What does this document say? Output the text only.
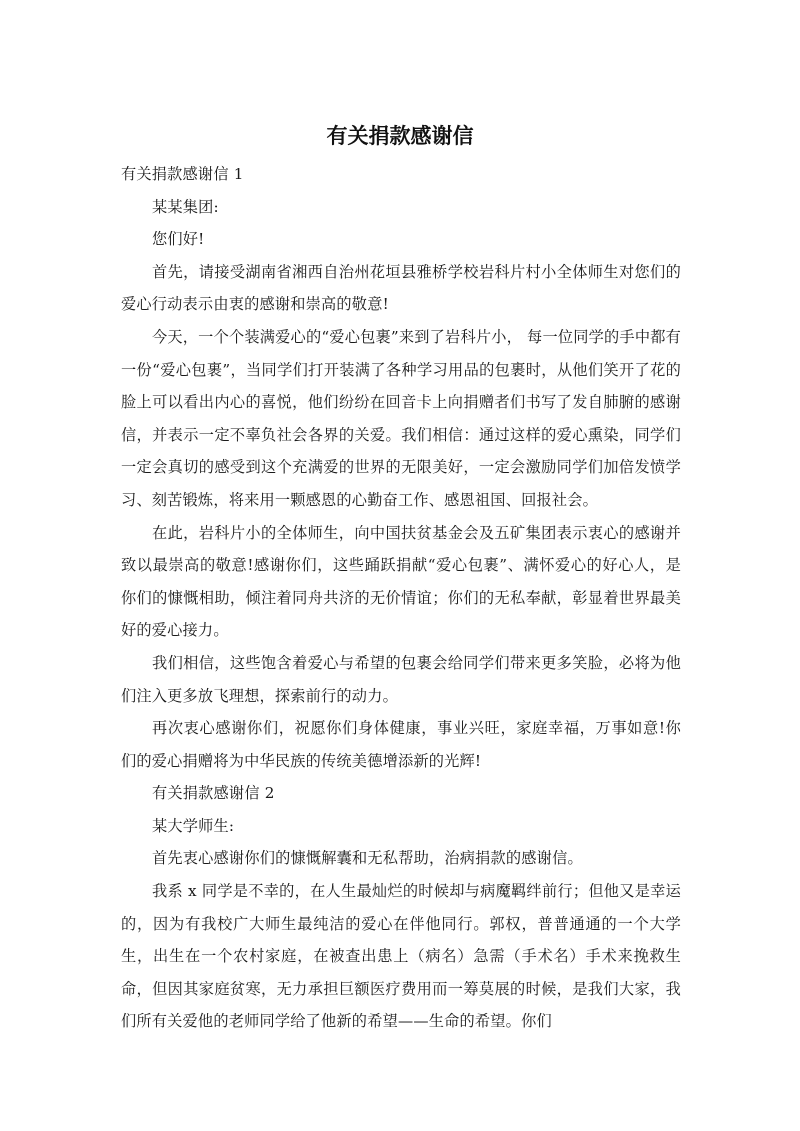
有关捐款感谢信

有关捐款感谢信 1

某某集团:

您们好!

首先，请接受湖南省湘西自治州花垣县雅桥学校岩科片村小全体师生对您们的爱心行动表示由衷的感谢和崇高的敬意!

今天，一个个装满爱心的“爱心包裹”来到了岩科片小， 每一位同学的手中都有一份“爱心包裹”，当同学们打开装满了各种学习用品的包裹时，从他们笑开了花的脸上可以看出内心的喜悦，他们纷纷在回音卡上向捐赠者们书写了发自肺腑的感谢信，并表示一定不辜负社会各界的关爱。我们相信：通过这样的爱心熏染，同学们一定会真切的感受到这个充满爱的世界的无限美好，一定会激励同学们加倍发愤学习、刻苦锻炼，将来用一颗感恩的心勤奋工作、感恩祖国、回报社会。

在此，岩科片小的全体师生，向中国扶贫基金会及五矿集团表示衷心的感谢并致以最崇高的敬意!感谢你们，这些踊跃捐献“爱心包裹”、满怀爱心的好心人，是你们的慷慨相助，倾注着同舟共济的无价情谊；你们的无私奉献，彰显着世界最美好的爱心接力。

我们相信，这些饱含着爱心与希望的包裹会给同学们带来更多笑脸，必将为他们注入更多放飞理想，探索前行的动力。

再次衷心感谢你们，祝愿你们身体健康，事业兴旺，家庭幸福，万事如意!你们的爱心捐赠将为中华民族的传统美德增添新的光辉!

有关捐款感谢信 2

某大学师生:

首先衷心感谢你们的慷慨解囊和无私帮助，治病捐款的感谢信。

我系 x 同学是不幸的，在人生最灿烂的时候却与病魔羁绊前行；但他又是幸运的，因为有我校广大师生最纯洁的爱心在伴他同行。郭权，普普通通的一个大学生，出生在一个农村家庭，在被查出患上（病名）急需（手术名）手术来挽救生命，但因其家庭贫寒，无力承担巨额医疗费用而一筹莫展的时候，是我们大家，我们所有关爱他的老师同学给了他新的希望——生命的希望。你们
